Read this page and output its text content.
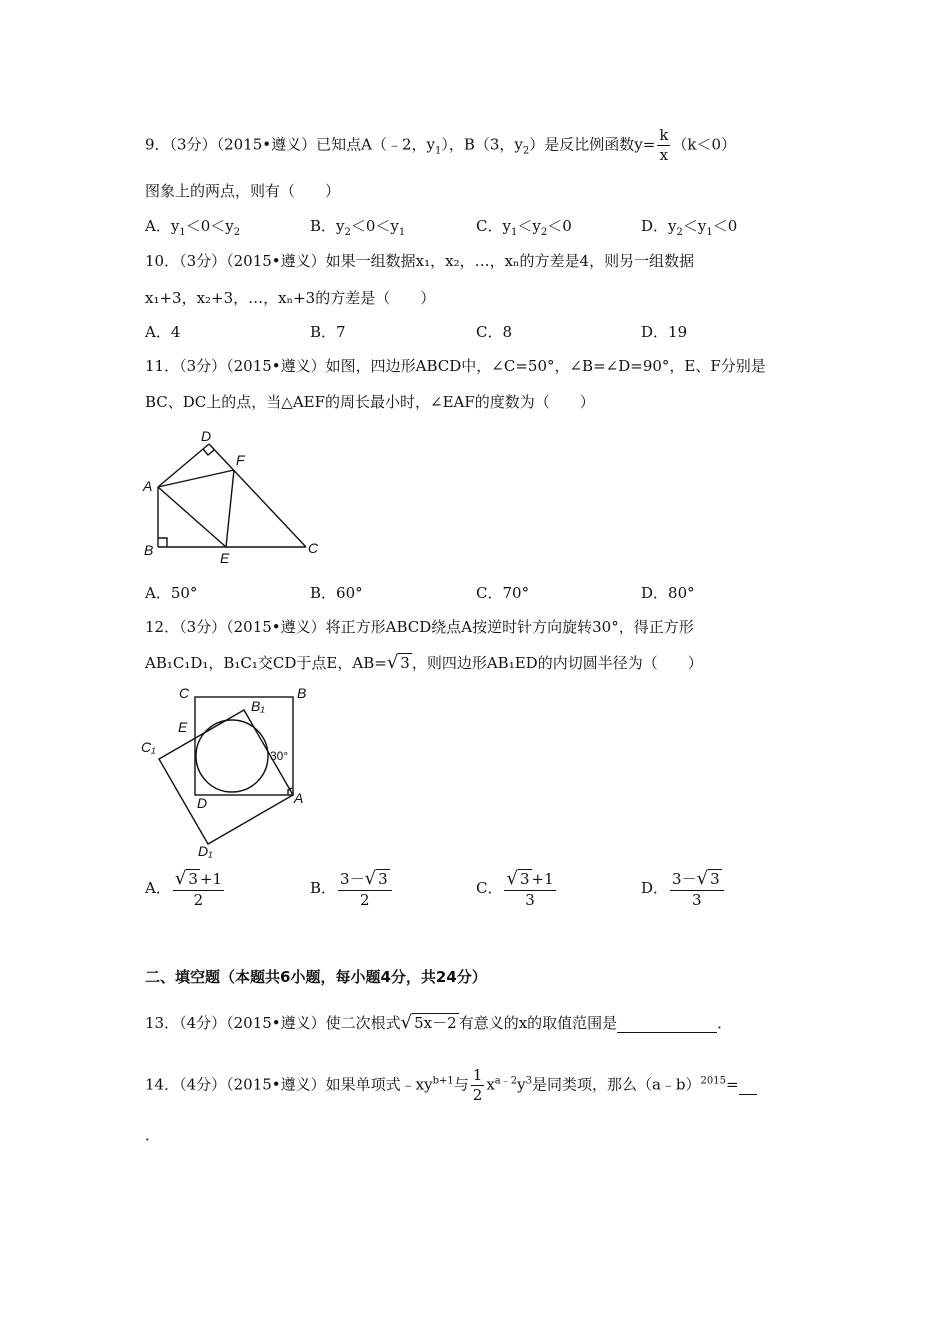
9．（3分）（2015•遵义）已知点A（﹣2，$y_1$），B（3，$y_2$）是反比例函数$y= \frac{k}{x} (k<0)$
图象上的两点，则有（　　）
A．$y_1<0<y_2$	B．$y_2<0<y_1$	C．$y_1<y_2<0$	D．$y_2<y_1<0$
10．（3分）（2015•遵义）如果一组数据x₁，x₂，…，xₙ的方差是4，则另一组数据
x₁+3，x₂+3，…，xₙ+3的方差是（　　）
A．4	B．7	C．8	D．19
11．（3分）（2015•遵义）如图，四边形ABCD中，∠C=50°，∠B=∠D=90°，E、F分别是
BC、DC上的点，当△AEF的周长最小时，∠EAF的度数为（　　）
D
F
A
B	E
C
A．50°	B．60°	C．70°	D．80°
12．（3分）（2015•遵义）将正方形ABCD绕点A按逆时针方向旋转30°，得正方形
AB₁C₁D₁，B₁C₁交CD于点E，AB=√ 3 ，则四边形AB₁ED的内切圆半径为（　　）
C	B
B₁
E
C₁
30°
D	A
D₁
A． $\frac{√ 3 +1}{2}$	B． $\frac{3-√ 3}{2}$	C． $\frac{√ 3 +1}{3}$	D． $\frac{3-√ 3}{3}$
二、填空题（本题共6小题，每小题4分，共24分）
13．（4分）（2015•遵义）使二次根式√ 5x－2 有意义的x的取值范围是	．
14．（4分）（2015•遵义）如果单项式$﹣xy^{b+1}$与 $\frac{1}{2} x^{a﹣2}y^3$是同类项，那么（a﹣b）$^{2015}$=
．
